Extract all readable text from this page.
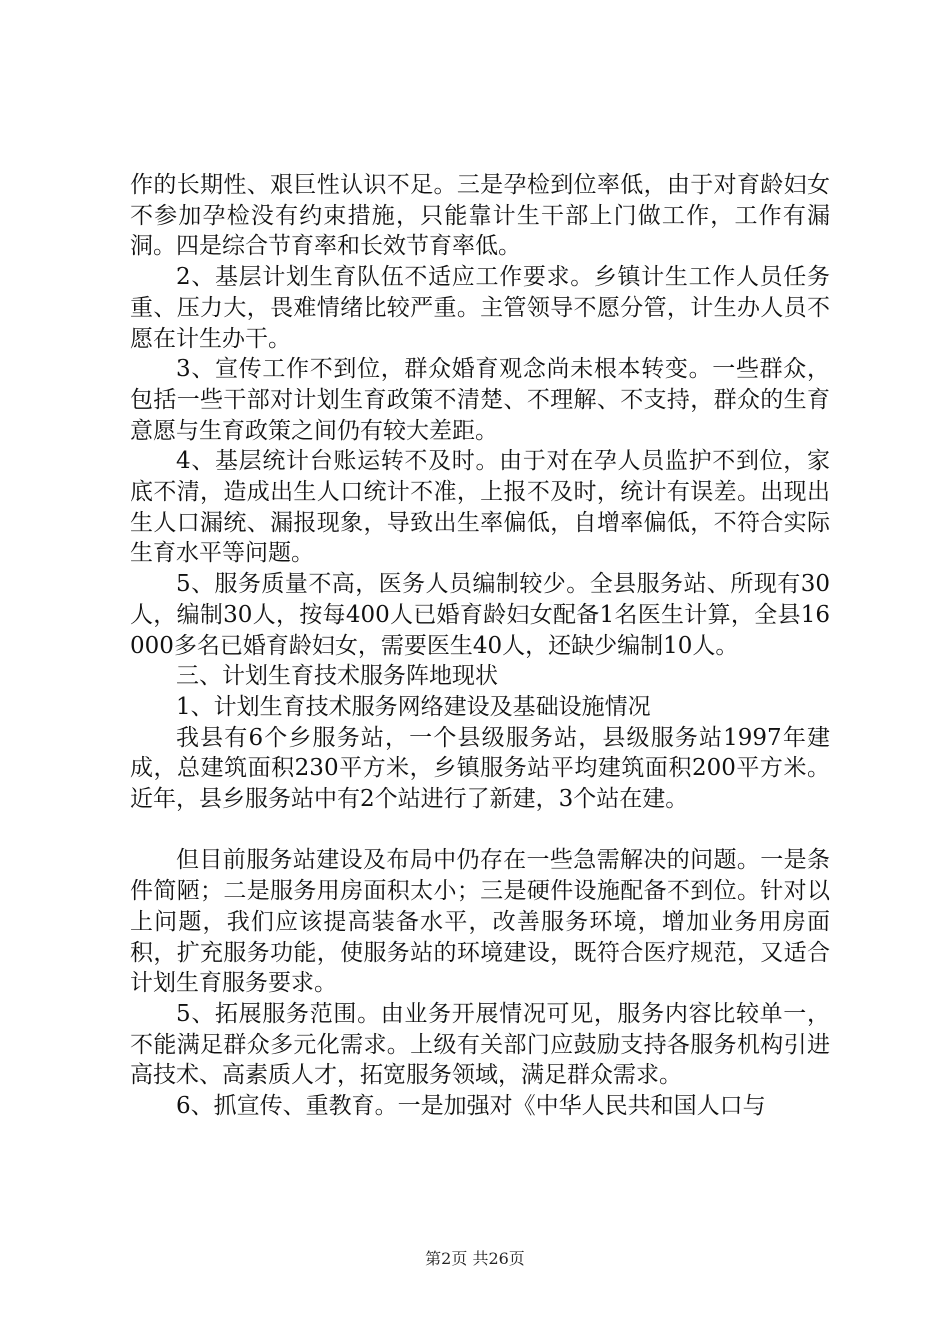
作的长期性、艰巨性认识不足。三是孕检到位率低，由于对育龄妇女不参加孕检没有约束措施，只能靠计生干部上门做工作，工作有漏洞。四是综合节育率和长效节育率低。

2、基层计划生育队伍不适应工作要求。乡镇计生工作人员任务重、压力大，畏难情绪比较严重。主管领导不愿分管，计生办人员不愿在计生办干。

3、宣传工作不到位，群众婚育观念尚未根本转变。一些群众，包括一些干部对计划生育政策不清楚、不理解、不支持，群众的生育意愿与生育政策之间仍有较大差距。

4、基层统计台账运转不及时。由于对在孕人员监护不到位，家底不清，造成出生人口统计不准，上报不及时，统计有误差。出现出生人口漏统、漏报现象，导致出生率偏低，自增率偏低，不符合实际生育水平等问题。

5、服务质量不高，医务人员编制较少。全县服务站、所现有30人，编制30人，按每400人已婚育龄妇女配备1名医生计算，全县16000多名已婚育龄妇女，需要医生40人，还缺少编制10人。

三、计划生育技术服务阵地现状

1、计划生育技术服务网络建设及基础设施情况

我县有6个乡服务站，一个县级服务站，县级服务站1997年建成，总建筑面积230平方米，乡镇服务站平均建筑面积200平方米。近年，县乡服务站中有2个站进行了新建，3个站在建。

但目前服务站建设及布局中仍存在一些急需解决的问题。一是条件简陋；二是服务用房面积太小；三是硬件设施配备不到位。针对以上问题，我们应该提高装备水平，改善服务环境，增加业务用房面积，扩充服务功能，使服务站的环境建设，既符合医疗规范，又适合计划生育服务要求。

5、拓展服务范围。由业务开展情况可见，服务内容比较单一，不能满足群众多元化需求。上级有关部门应鼓励支持各服务机构引进高技术、高素质人才，拓宽服务领域，满足群众需求。

6、抓宣传、重教育。一是加强对《中华人民共和国人口与

第2页 共26页
